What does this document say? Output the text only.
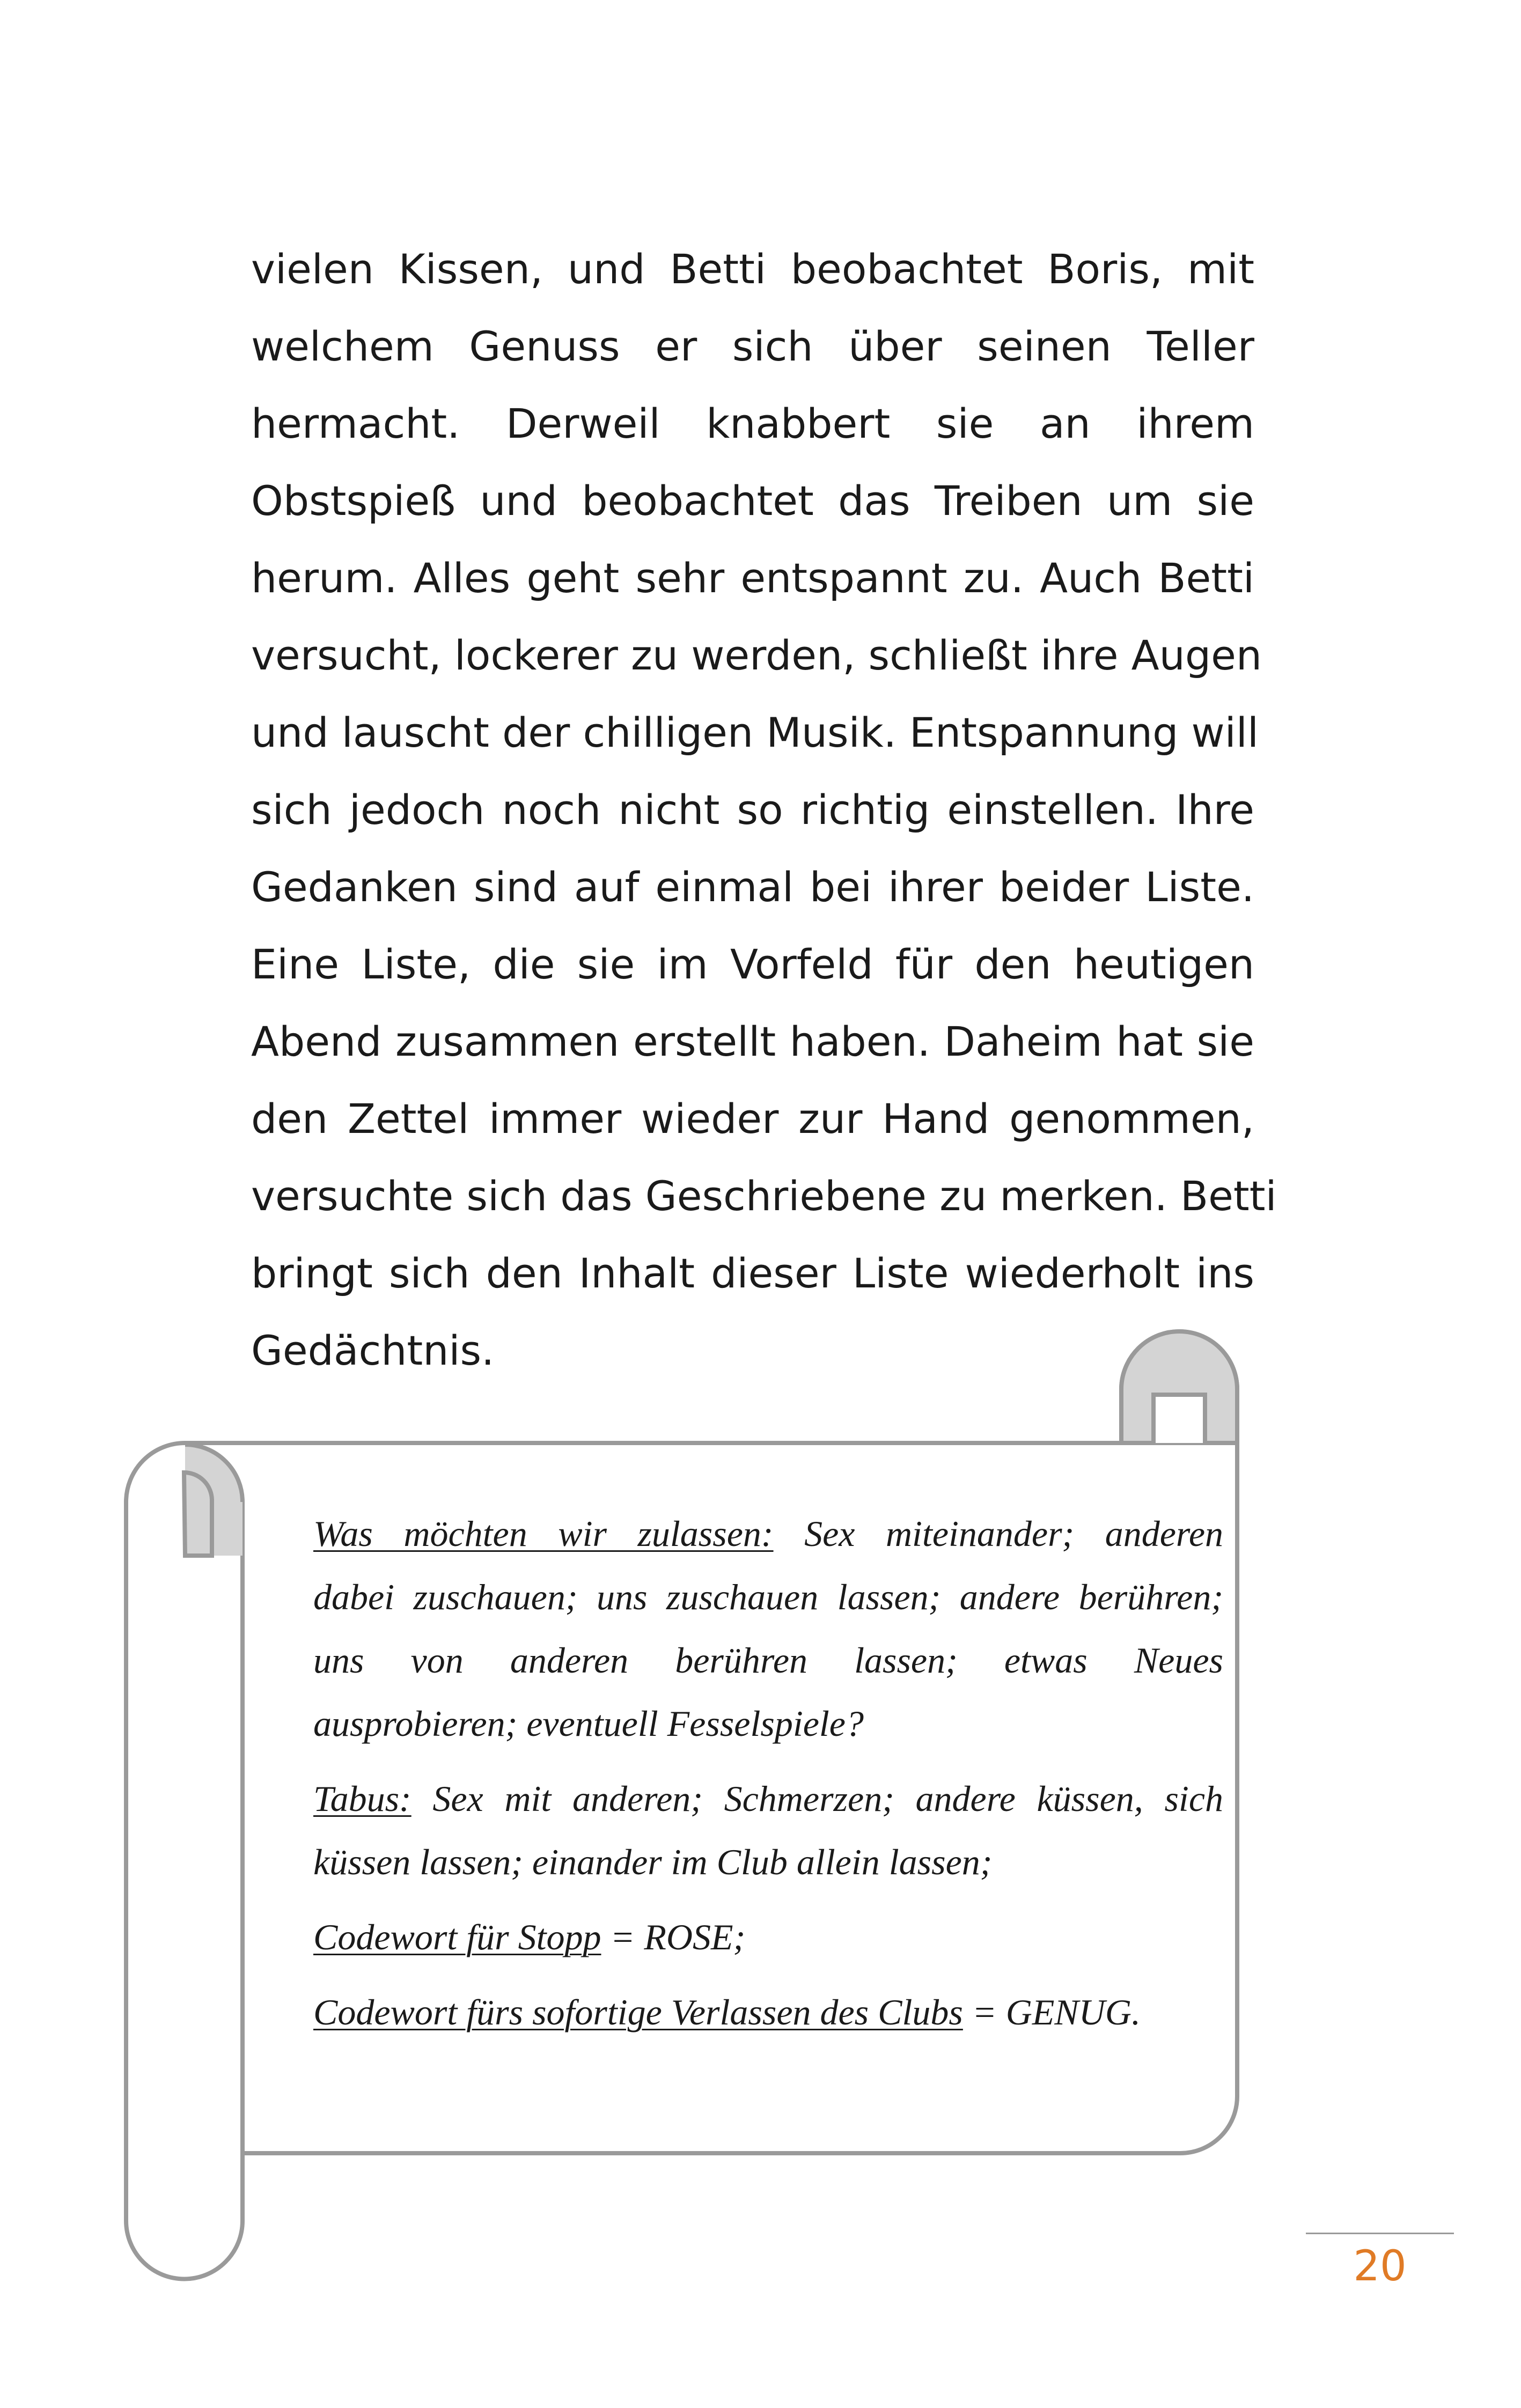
vielen Kissen, und Betti beobachtet Boris, mit
welchem Genuss er sich über seinen Teller
hermacht. Derweil knabbert sie an ihrem
Obstspieß und beobachtet das Treiben um sie
herum. Alles geht sehr entspannt zu. Auch Betti
versucht, lockerer zu werden, schließt ihre Augen
und lauscht der chilligen Musik. Entspannung will
sich jedoch noch nicht so richtig einstellen. Ihre
Gedanken sind auf einmal bei ihrer beider Liste.
Eine Liste, die sie im Vorfeld für den heutigen
Abend zusammen erstellt haben. Daheim hat sie
den Zettel immer wieder zur Hand genommen,
versuchte sich das Geschriebene zu merken. Betti
bringt sich den Inhalt dieser Liste wiederholt ins
Gedächtnis.

Was möchten wir zulassen: Sex miteinander; anderen
dabei zuschauen; uns zuschauen lassen; andere berühren;
uns von anderen berühren lassen; etwas Neues
ausprobieren; eventuell Fesselspiele?

Tabus: Sex mit anderen; Schmerzen; andere küssen, sich
küssen lassen; einander im Club allein lassen;

Codewort für Stopp = ROSE;

Codewort fürs sofortige Verlassen des Clubs = GENUG.

20
